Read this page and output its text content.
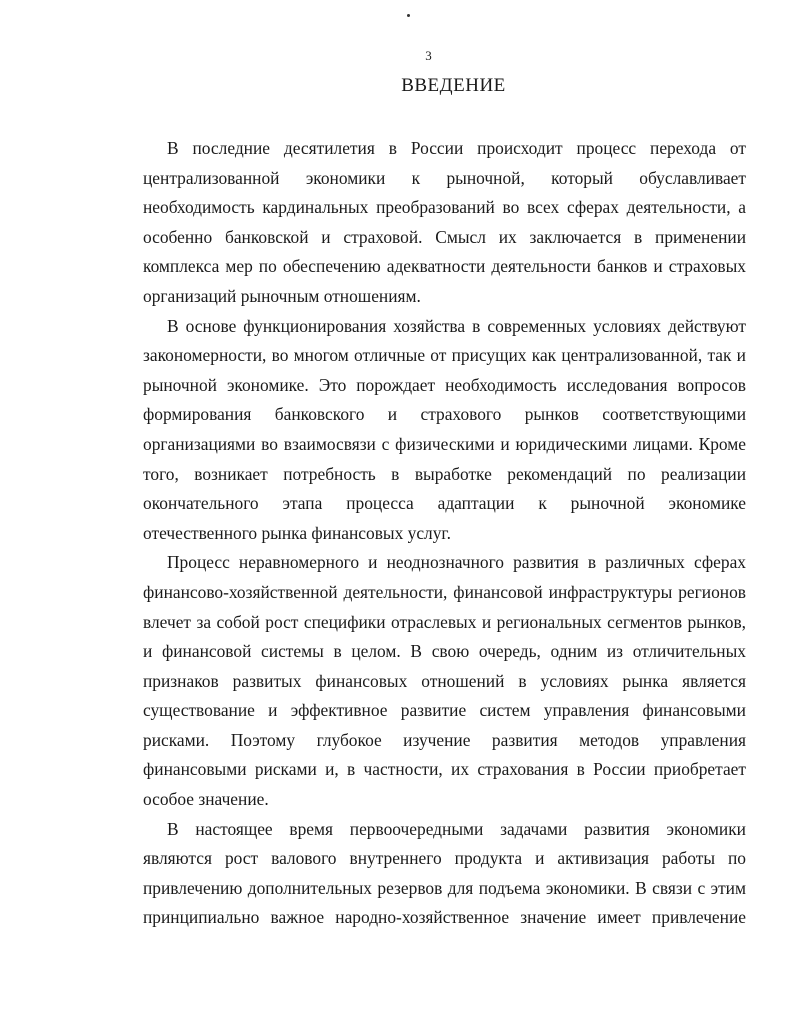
3
ВВЕДЕНИЕ

В последние десятилетия в России происходит процесс перехода от
централизованной экономики к рыночной, который обуславливает
необходимость кардинальных преобразований во всех сферах деятельности, а
особенно банковской и страховой. Смысл их заключается в применении
комплекса мер по обеспечению адекватности деятельности банков и страховых
организаций рыночным отношениям.

В основе функционирования хозяйства в современных условиях действуют
закономерности, во многом отличные от присущих как централизованной, так и
рыночной экономике. Это порождает необходимость исследования вопросов
формирования банковского и страхового рынков соответствующими
организациями во взаимосвязи с физическими и юридическими лицами. Кроме
того, возникает потребность в выработке рекомендаций по реализации
окончательного этапа процесса адаптации к рыночной экономике
отечественного рынка финансовых услуг.

Процесс неравномерного и неоднозначного развития в различных сферах
финансово-хозяйственной деятельности, финансовой инфраструктуры регионов
влечет за собой рост специфики отраслевых и региональных сегментов рынков,
и финансовой системы в целом. В свою очередь, одним из отличительных
признаков развитых финансовых отношений в условиях рынка является
существование и эффективное развитие систем управления финансовыми
рисками. Поэтому глубокое изучение развития методов управления
финансовыми рисками и, в частности, их страхования в России приобретает
особое значение.

В настоящее время первоочередными задачами развития экономики
являются рост валового внутреннего продукта и активизация работы по
привлечению дополнительных резервов для подъема экономики. В связи с этим
принципиально важное народно-хозяйственное значение имеет привлечение
